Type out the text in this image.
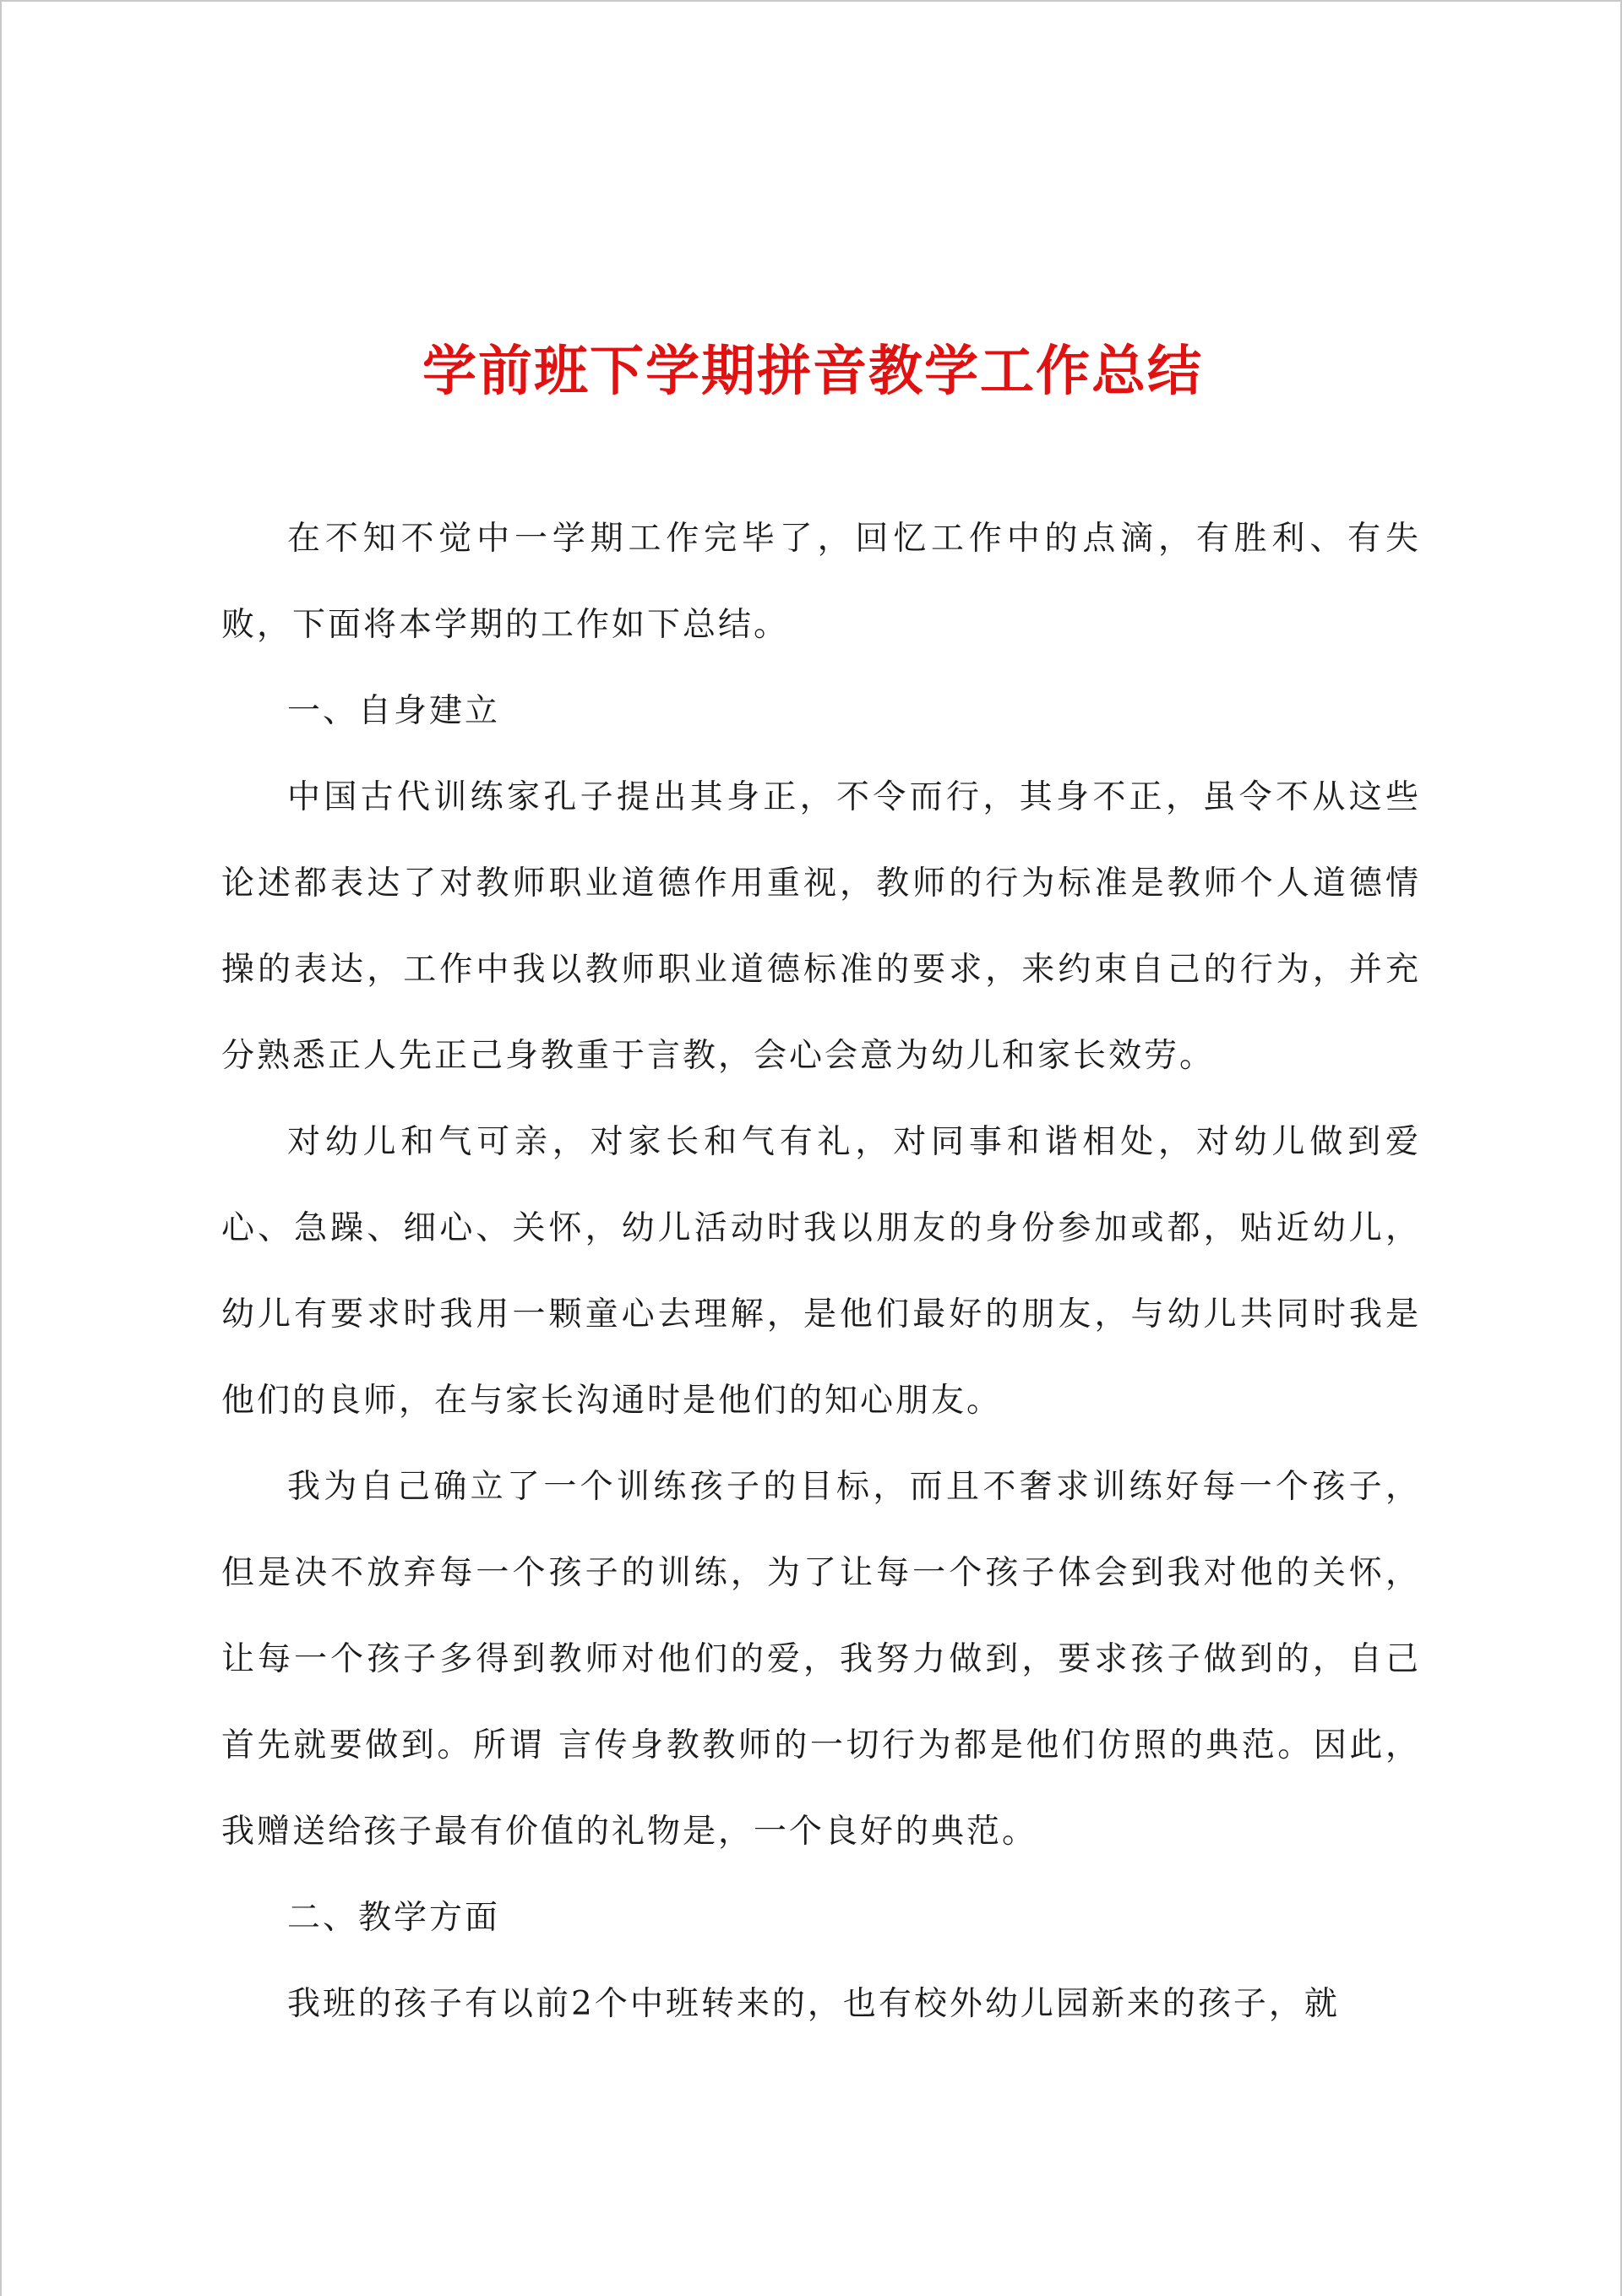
学前班下学期拼音教学工作总结

在不知不觉中一学期工作完毕了，回忆工作中的点滴，有胜利、有失败，下面将本学期的工作如下总结。

一、自身建立

中国古代训练家孔子提出其身正，不令而行，其身不正，虽令不从这些论述都表达了对教师职业道德作用重视，教师的行为标准是教师个人道德情操的表达，工作中我以教师职业道德标准的要求，来约束自己的行为，并充分熟悉正人先正己身教重于言教，会心会意为幼儿和家长效劳。

对幼儿和气可亲，对家长和气有礼，对同事和谐相处，对幼儿做到爱心、急躁、细心、关怀，幼儿活动时我以朋友的身份参加或都，贴近幼儿，幼儿有要求时我用一颗童心去理解，是他们最好的朋友，与幼儿共同时我是他们的良师，在与家长沟通时是他们的知心朋友。

我为自己确立了一个训练孩子的目标，而且不奢求训练好每一个孩子，但是决不放弃每一个孩子的训练，为了让每一个孩子体会到我对他的关怀，让每一个孩子多得到教师对他们的爱，我努力做到，要求孩子做到的，自己首先就要做到。所谓 言传身教教师的一切行为都是他们仿照的典范。因此，我赠送给孩子最有价值的礼物是，一个良好的典范。

二、教学方面

我班的孩子有以前2个中班转来的，也有校外幼儿园新来的孩子，就
